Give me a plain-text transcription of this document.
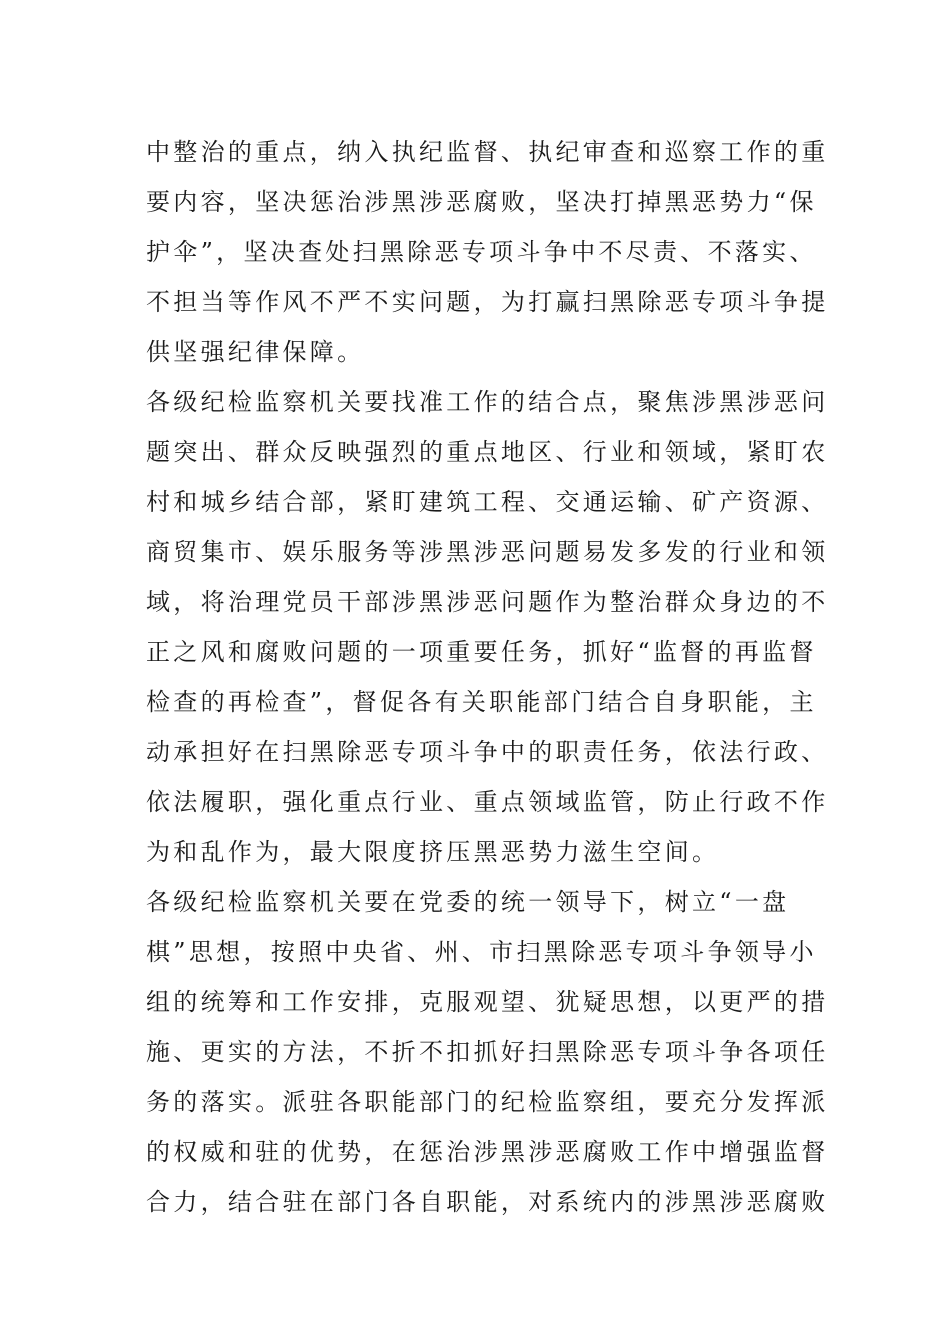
中整治的重点，纳入执纪监督、执纪审查和巡察工作的重
要内容，坚决惩治涉黑涉恶腐败，坚决打掉黑恶势力“保
护伞”，坚决查处扫黑除恶专项斗争中不尽责、不落实、
不担当等作风不严不实问题，为打赢扫黑除恶专项斗争提
供坚强纪律保障。
各级纪检监察机关要找准工作的结合点，聚焦涉黑涉恶问
题突出、群众反映强烈的重点地区、行业和领域，紧盯农
村和城乡结合部，紧盯建筑工程、交通运输、矿产资源、
商贸集市、娱乐服务等涉黑涉恶问题易发多发的行业和领
域，将治理党员干部涉黑涉恶问题作为整治群众身边的不
正之风和腐败问题的一项重要任务，抓好“监督的再监督
检查的再检查”，督促各有关职能部门结合自身职能，主
动承担好在扫黑除恶专项斗争中的职责任务，依法行政、
依法履职，强化重点行业、重点领域监管，防止行政不作
为和乱作为，最大限度挤压黑恶势力滋生空间。
各级纪检监察机关要在党委的统一领导下，树立“一盘
棋”思想，按照中央省、州、市扫黑除恶专项斗争领导小
组的统筹和工作安排，克服观望、犹疑思想，以更严的措
施、更实的方法，不折不扣抓好扫黑除恶专项斗争各项任
务的落实。派驻各职能部门的纪检监察组，要充分发挥派
的权威和驻的优势，在惩治涉黑涉恶腐败工作中增强监督
合力，结合驻在部门各自职能，对系统内的涉黑涉恶腐败
